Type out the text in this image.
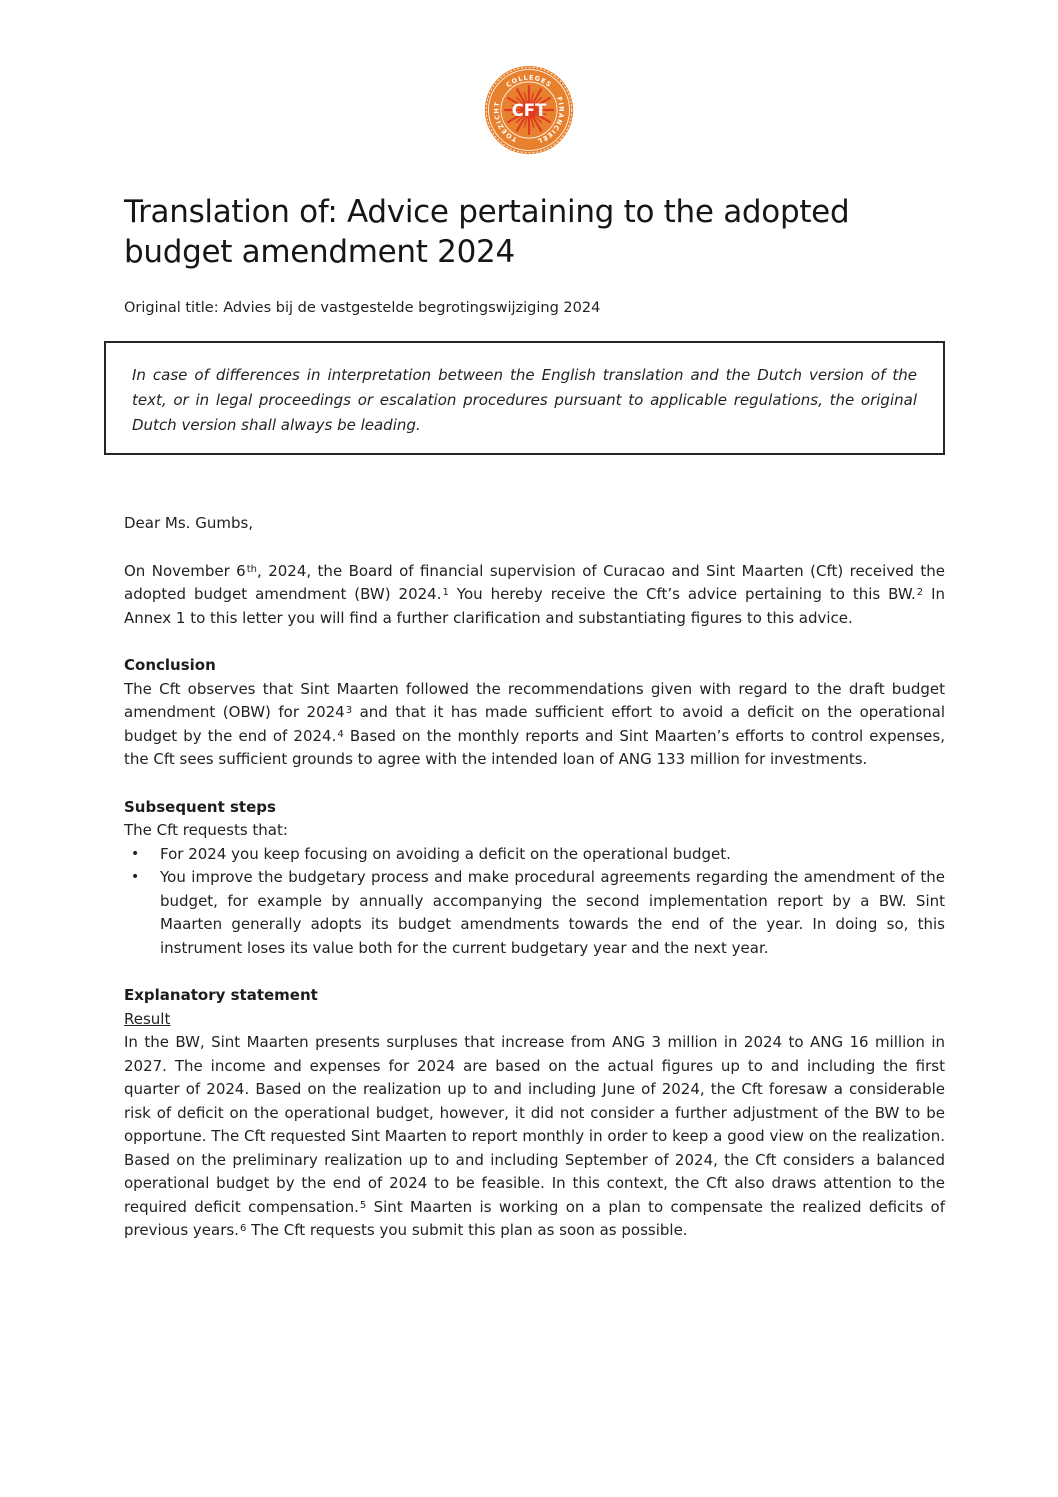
COLLEGES
FINANCIEEL
TOEZICHT CFT
Translation of: Advice pertaining to the adopted
budget amendment 2024
Original title: Advies bij de vastgestelde begrotingswijziging 2024
In case of differences in interpretation between the English translation and the Dutch version of the text, or in legal proceedings or escalation procedures pursuant to applicable regulations, the original Dutch version shall always be leading.
Dear Ms. Gumbs,

On November 6th, 2024, the Board of financial supervision of Curacao and Sint Maarten (Cft) received the adopted budget amendment (BW) 2024.$^1$ You hereby receive the Cft’s advice pertaining to this BW.$^2$ In Annex 1 to this letter you will find a further clarification and substantiating figures to this advice.

Conclusion

The Cft observes that Sint Maarten followed the recommendations given with regard to the draft budget amendment (OBW) for 2024$^3$ and that it has made sufficient effort to avoid a deficit on the operational budget by the end of 2024.$^4$ Based on the monthly reports and Sint Maarten’s efforts to control expenses, the Cft sees sufficient grounds to agree with the intended loan of ANG 133 million for investments.

Subsequent steps

The Cft requests that:

•	For 2024 you keep focusing on avoiding a deficit on the operational budget.
•	You improve the budgetary process and make procedural agreements regarding the amendment of the budget, for example by annually accompanying the second implementation report by a BW. Sint Maarten generally adopts its budget amendments towards the end of the year. In doing so, this instrument loses its value both for the current budgetary year and the next year.
Explanatory statement
Result

In the BW, Sint Maarten presents surpluses that increase from ANG 3 million in 2024 to ANG 16 million in 2027. The income and expenses for 2024 are based on the actual figures up to and including the first quarter of 2024. Based on the realization up to and including June of 2024, the Cft foresaw a considerable risk of deficit on the operational budget, however, it did not consider a further adjustment of the BW to be opportune. The Cft requested Sint Maarten to report monthly in order to keep a good view on the realization. Based on the preliminary realization up to and including September of 2024, the Cft considers a balanced operational budget by the end of 2024 to be feasible. In this context, the Cft also draws attention to the required deficit compensation.$^5$ Sint Maarten is working on a plan to compensate the realized deficits of previous years.$^6$ The Cft requests you submit this plan as soon as possible.
